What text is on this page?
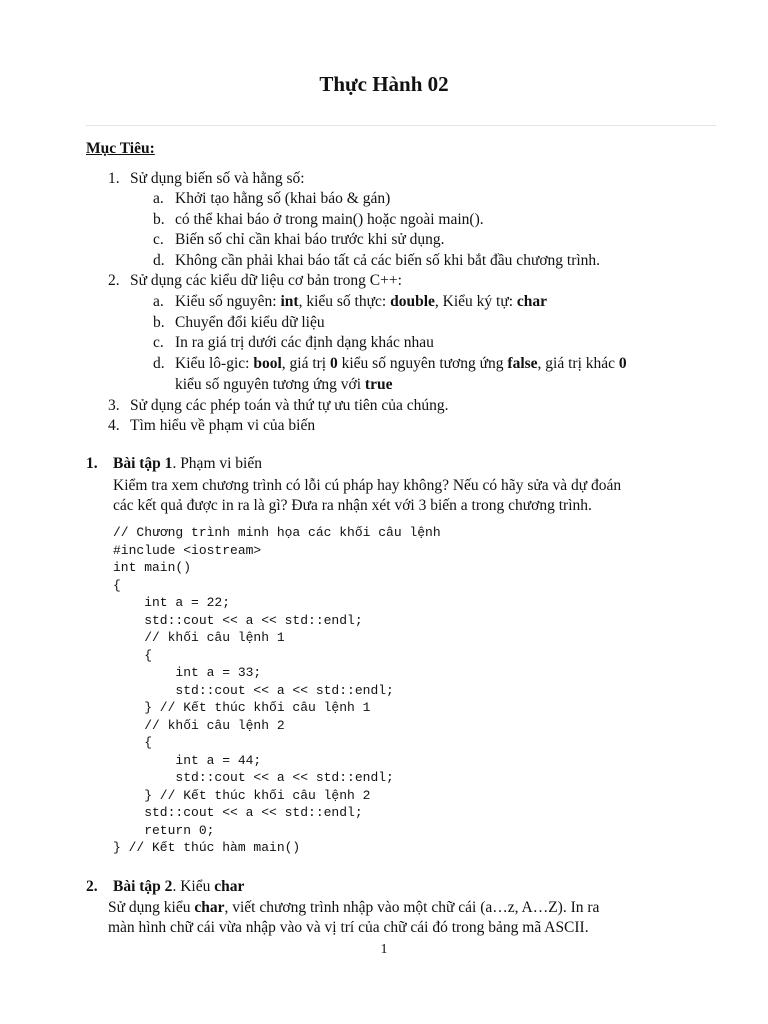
Thực Hành 02
Mục Tiêu:
1. Sử dụng biến số và hằng số:
a. Khởi tạo hằng số (khai báo & gán)
b. có thể khai báo ở trong main() hoặc ngoài main().
c. Biến số chỉ cần khai báo trước khi sử dụng.
d. Không cần phải khai báo tất cả các biến số khi bắt đầu chương trình.
2. Sử dụng các kiểu dữ liệu cơ bản trong C++:
a. Kiểu số nguyên: int, kiểu số thực: double, Kiểu ký tự: char
b. Chuyển đổi kiểu dữ liệu
c. In ra giá trị dưới các định dạng khác nhau
d. Kiểu lô-gic: bool, giá trị 0 kiểu số nguyên tương ứng false, giá trị khác 0
kiểu số nguyên tương ứng với true
3. Sử dụng các phép toán và thứ tự ưu tiên của chúng.
4. Tìm hiểu về phạm vi của biến
1. Bài tập 1. Phạm vi biến
Kiểm tra xem chương trình có lỗi cú pháp hay không? Nếu có hãy sửa và dự đoán
các kết quả được in ra là gì? Đưa ra nhận xét với 3 biến a trong chương trình.
// Chương trình minh họa các khối câu lệnh
#include <iostream>
int main()
{
int a = 22;
std::cout << a << std::endl;
// khối câu lệnh 1
{
int a = 33;
std::cout << a << std::endl;
} // Kết thúc khối câu lệnh 1
// khối câu lệnh 2
{
int a = 44;
std::cout << a << std::endl;
} // Kết thúc khối câu lệnh 2
std::cout << a << std::endl;
return 0;
} // Kết thúc hàm main()
2. Bài tập 2. Kiểu char
Sử dụng kiểu char, viết chương trình nhập vào một chữ cái (a…z, A…Z). In ra
màn hình chữ cái vừa nhập vào và vị trí của chữ cái đó trong bảng mã ASCII.
1
